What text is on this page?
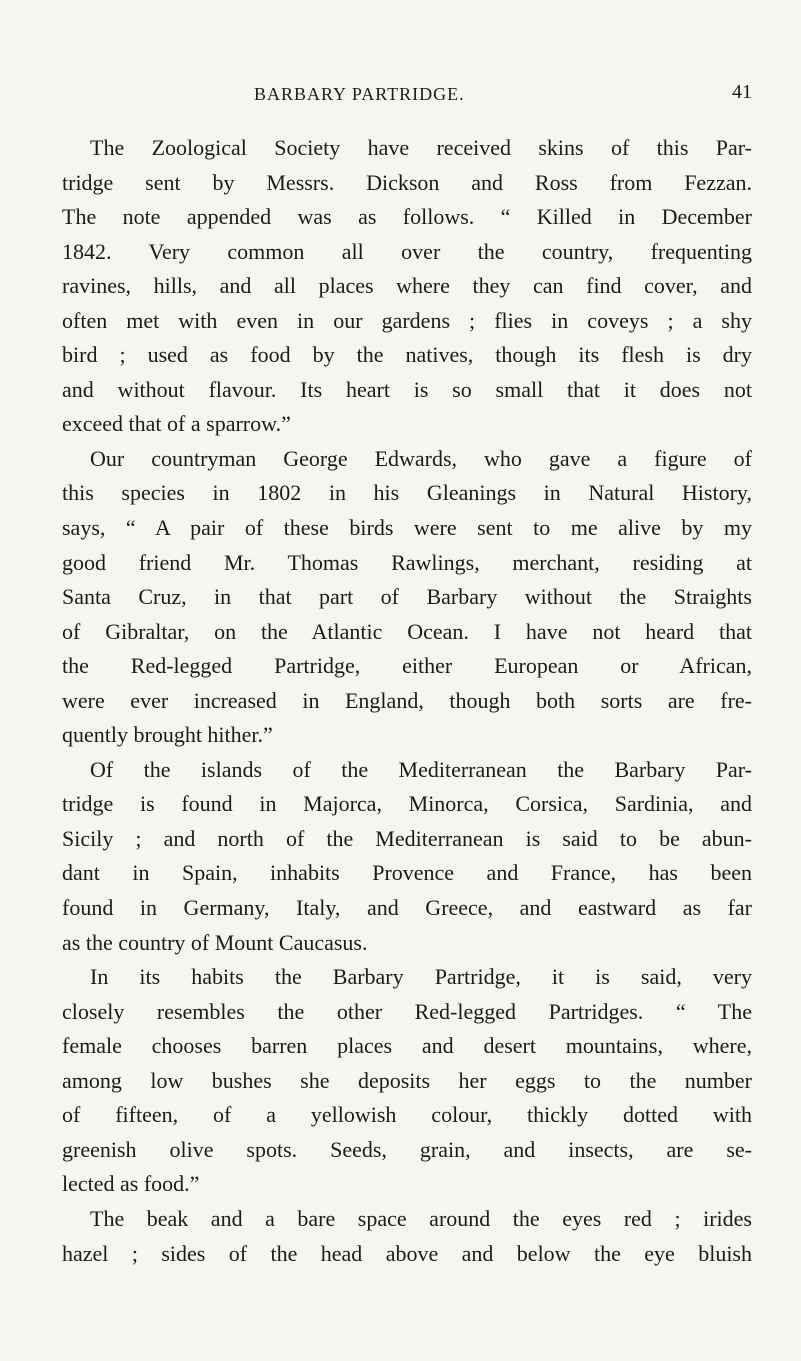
BARBARY PARTRIDGE.	41
The Zoological Society have received skins of this Par-
tridge sent by Messrs. Dickson and Ross from Fezzan.
The note appended was as follows. “ Killed in December
1842. Very common all over the country, frequenting
ravines, hills, and all places where they can find cover, and
often met with even in our gardens ; flies in coveys ; a shy
bird ; used as food by the natives, though its flesh is dry
and without flavour. Its heart is so small that it does not
exceed that of a sparrow.”
Our countryman George Edwards, who gave a figure of
this species in 1802 in his Gleanings in Natural History,
says, “ A pair of these birds were sent to me alive by my
good friend Mr. Thomas Rawlings, merchant, residing at
Santa Cruz, in that part of Barbary without the Straights
of Gibraltar, on the Atlantic Ocean. I have not heard that
the Red-legged Partridge, either European or African,
were ever increased in England, though both sorts are fre-
quently brought hither.”
Of the islands of the Mediterranean the Barbary Par-
tridge is found in Majorca, Minorca, Corsica, Sardinia, and
Sicily ; and north of the Mediterranean is said to be abun-
dant in Spain, inhabits Provence and France, has been
found in Germany, Italy, and Greece, and eastward as far
as the country of Mount Caucasus.
In its habits the Barbary Partridge, it is said, very
closely resembles the other Red-legged Partridges. “ The
female chooses barren places and desert mountains, where,
among low bushes she deposits her eggs to the number
of fifteen, of a yellowish colour, thickly dotted with
greenish olive spots. Seeds, grain, and insects, are se-
lected as food.”
The beak and a bare space around the eyes red ; irides
hazel ; sides of the head above and below the eye bluish
